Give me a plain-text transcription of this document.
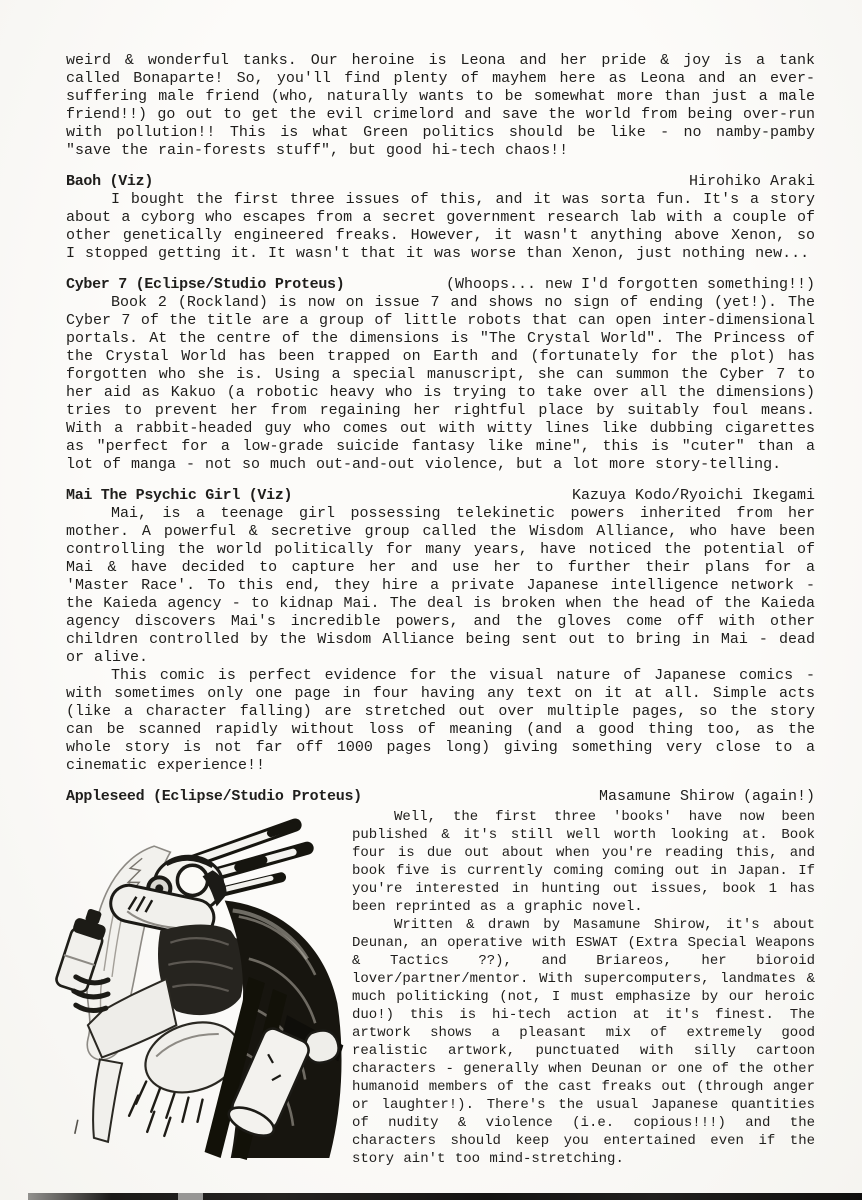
weird & wonderful tanks. Our heroine is Leona and her pride & joy is a tank called Bonaparte! So, you'll find plenty of mayhem here as Leona and an ever-suffering male friend (who, naturally wants to be somewhat more than just a male friend!!) go out to get the evil crimelord and save the world from being over-run with pollution!! This is what Green politics should be like - no namby-pamby "save the rain-forests stuff", but good hi-tech chaos!!

Baoh (Viz)	Hirohiko Araki

I bought the first three issues of this, and it was sorta fun. It's a story about a cyborg who escapes from a secret government research lab with a couple of other genetically engineered freaks. However, it wasn't anything above Xenon, so I stopped getting it. It wasn't that it was worse than Xenon, just nothing new...

Cyber 7 (Eclipse/Studio Proteus)	(Whoops... new I'd forgotten something!!)

Book 2 (Rockland) is now on issue 7 and shows no sign of ending (yet!). The Cyber 7 of the title are a group of little robots that can open inter-dimensional portals. At the centre of the dimensions is "The Crystal World". The Princess of the Crystal World has been trapped on Earth and (fortunately for the plot) has forgotten who she is. Using a special manuscript, she can summon the Cyber 7 to her aid as Kakuo (a robotic heavy who is trying to take over all the dimensions) tries to prevent her from regaining her rightful place by suitably foul means. With a rabbit-headed guy who comes out with witty lines like dubbing cigarettes as "perfect for a low-grade suicide fantasy like mine", this is "cuter" than a lot of manga - not so much out-and-out violence, but a lot more story-telling.

Mai The Psychic Girl (Viz)	Kazuya Kodo/Ryoichi Ikegami

Mai, is a teenage girl possessing telekinetic powers inherited from her mother. A powerful & secretive group called the Wisdom Alliance, who have been controlling the world politically for many years, have noticed the potential of Mai & have decided to capture her and use her to further their plans for a 'Master Race'. To this end, they hire a private Japanese intelligence network - the Kaieda agency - to kidnap Mai. The deal is broken when the head of the Kaieda agency discovers Mai's incredible powers, and the gloves come off with other children controlled by the Wisdom Alliance being sent out to bring in Mai - dead or alive.

This comic is perfect evidence for the visual nature of Japanese comics - with sometimes only one page in four having any text on it at all. Simple acts (like a character falling) are stretched out over multiple pages, so the story can be scanned rapidly without loss of meaning (and a good thing too, as the whole story is not far off 1000 pages long) giving something very close to a cinematic experience!!

Appleseed (Eclipse/Studio Proteus)	Masamune Shirow (again!)

Well, the first three 'books' have now been published & it's still well worth looking at. Book four is due out about when you're reading this, and book five is currently coming coming out in Japan. If you're interested in hunting out issues, book 1 has been reprinted as a graphic novel.

Written & drawn by Masamune Shirow, it's about Deunan, an operative with ESWAT (Extra Special Weapons & Tactics ??), and Briareos, her bioroid lover/partner/mentor. With supercomputers, landmates & much politicking (not, I must emphasize by our heroic duo!) this is hi-tech action at it's finest. The artwork shows a pleasant mix of extremely good realistic artwork, punctuated with silly cartoon characters - generally when Deunan or one of the other humanoid members of the cast freaks out (through anger or laughter!). There's the usual Japanese quantities of nudity & violence (i.e. copious!!!) and the characters should keep you entertained even if the story ain't too mind-stretching.
